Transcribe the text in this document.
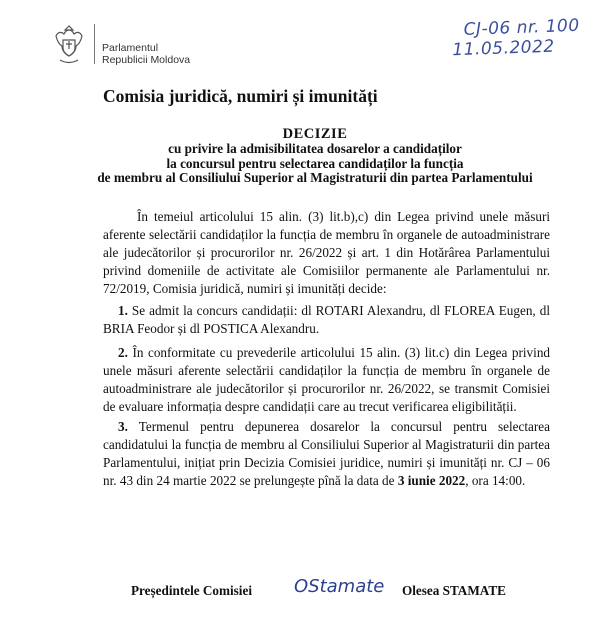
Parlamentul
Republicii Moldova
CJ-06 nr. 100
11.05.2022
Comisia juridică, numiri și imunități
DECIZIE
cu privire la admisibilitatea dosarelor a candidaților
la concursul pentru selectarea candidaților la funcția
de membru al Consiliului Superior al Magistraturii din partea Parlamentului
În temeiul articolului 15 alin. (3) lit.b),c) din Legea privind unele măsuri aferente selectării candidaților la funcția de membru în organele de autoadministrare ale judecătorilor și procurorilor nr. 26/2022 și art. 1 din Hotărârea Parlamentului privind domeniile de activitate ale Comisiilor permanente ale Parlamentului nr. 72/2019, Comisia juridică, numiri și imunități decide:
1. Se admit la concurs candidații: dl ROTARI Alexandru, dl FLOREA Eugen, dl BRIA Feodor și dl POSTICA Alexandru.
2. În conformitate cu prevederile articolului 15 alin. (3) lit.c) din Legea privind unele măsuri aferente selectării candidaților la funcția de membru în organele de autoadministrare ale judecătorilor și procurorilor nr. 26/2022, se transmit Comisiei de evaluare informația despre candidații care au trecut verificarea eligibilității.
3. Termenul pentru depunerea dosarelor la concursul pentru selectarea candidatului la funcția de membru al Consiliului Superior al Magistraturii din partea Parlamentului, inițiat prin Decizia Comisiei juridice, numiri și imunități nr. CJ – 06 nr. 43 din 24 martie 2022 se prelungește pînă la data de 3 iunie 2022, ora 14:00.
Președintele Comisiei OStamate Olesea STAMATE
